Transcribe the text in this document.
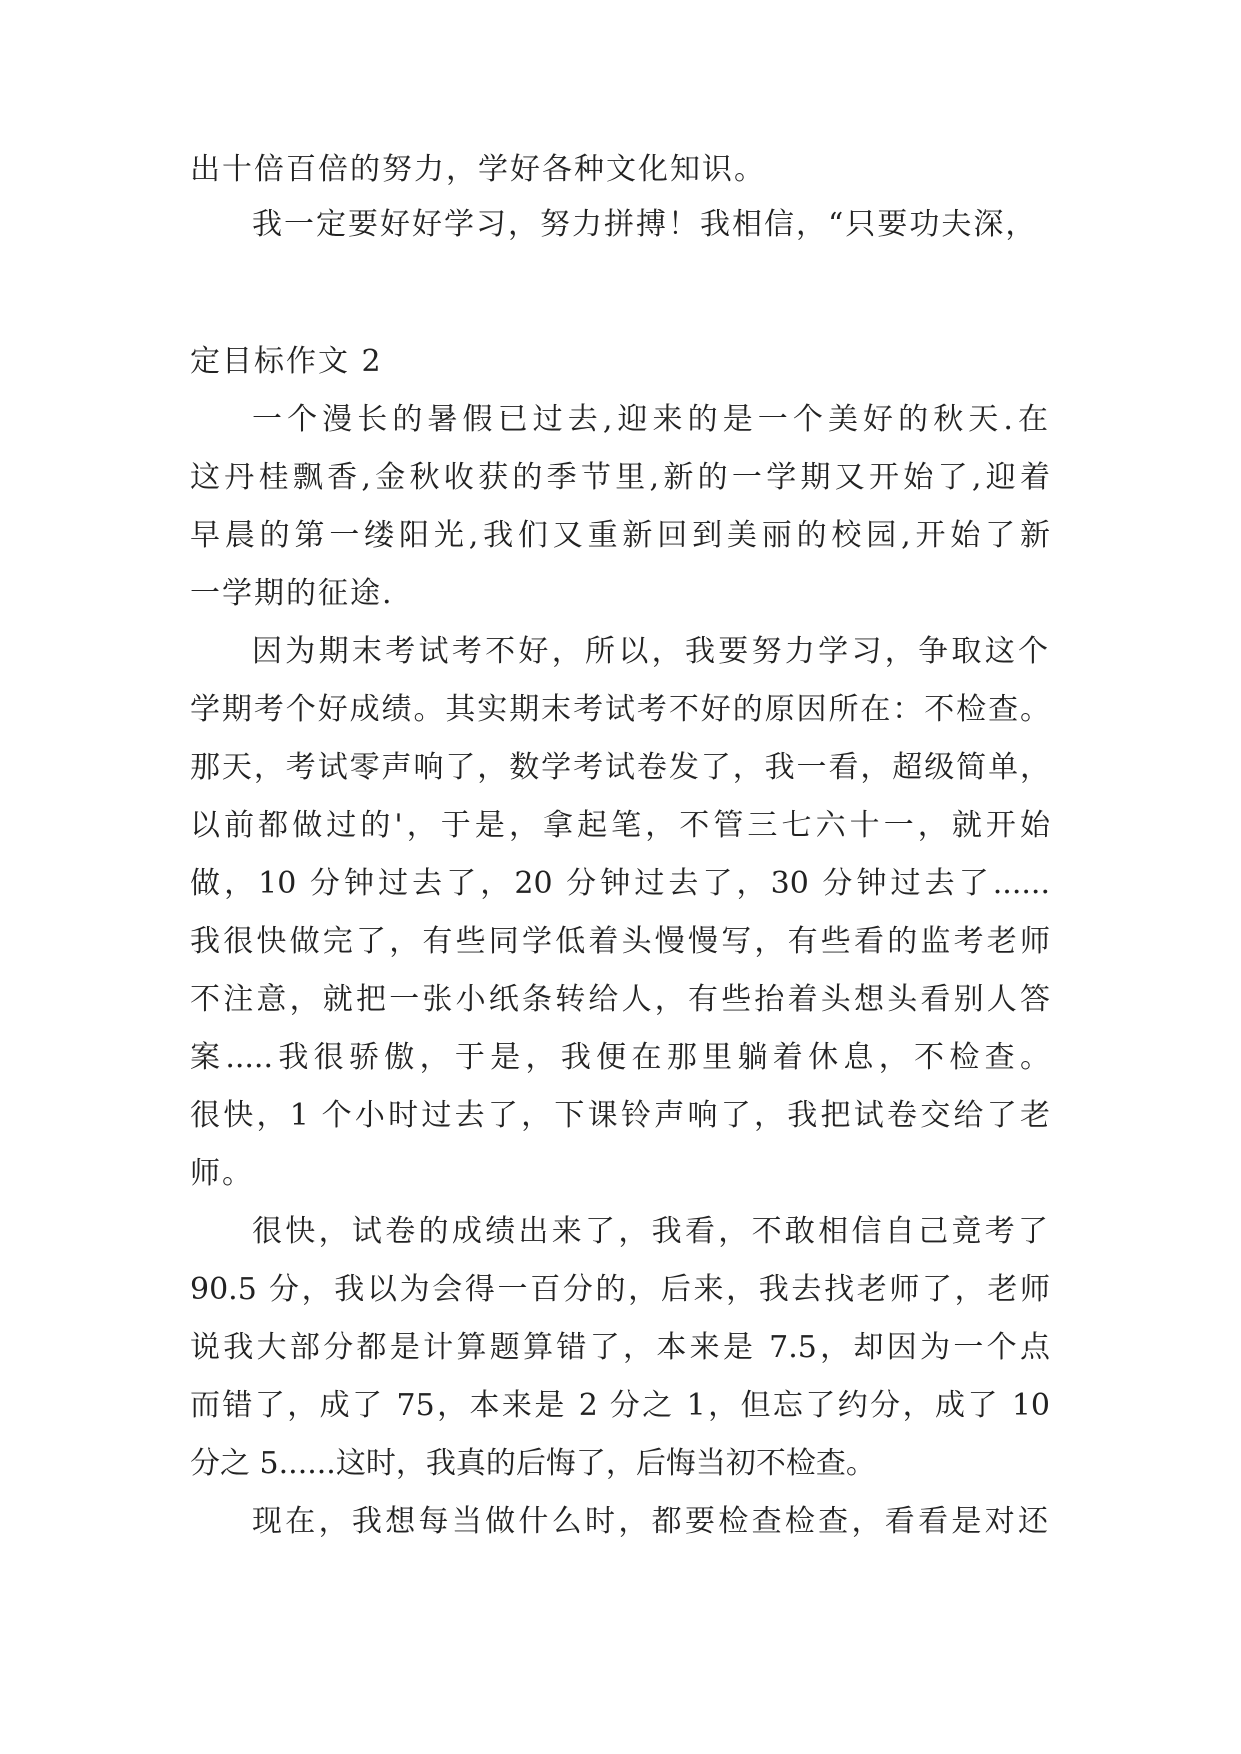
出十倍百倍的努力，学好各种文化知识。

我一定要好好学习，努力拼搏！我相信，“只要功夫深，

定目标作文 2

一个漫长的暑假已过去,迎来的是一个美好的秋天.在

这丹桂飘香,金秋收获的季节里,新的一学期又开始了,迎着

早晨的第一缕阳光,我们又重新回到美丽的校园,开始了新

一学期的征途.

因为期末考试考不好，所以，我要努力学习，争取这个

学期考个好成绩。其实期末考试考不好的原因所在：不检查。

那天，考试零声响了，数学考试卷发了，我一看，超级简单，

以前都做过的'，于是，拿起笔，不管三七六十一，就开始

做，10 分钟过去了，20 分钟过去了，30 分钟过去了......

我很快做完了，有些同学低着头慢慢写，有些看的监考老师

不注意，就把一张小纸条转给人，有些抬着头想头看别人答

案.....我很骄傲，于是，我便在那里躺着休息，不检查。

很快，1 个小时过去了，下课铃声响了，我把试卷交给了老

师。

很快，试卷的成绩出来了，我看，不敢相信自己竟考了

90.5 分，我以为会得一百分的，后来，我去找老师了，老师

说我大部分都是计算题算错了，本来是 7.5，却因为一个点

而错了，成了 75，本来是 2 分之 1，但忘了约分，成了 10

分之 5......这时，我真的后悔了，后悔当初不检查。

现在，我想每当做什么时，都要检查检查，看看是对还
